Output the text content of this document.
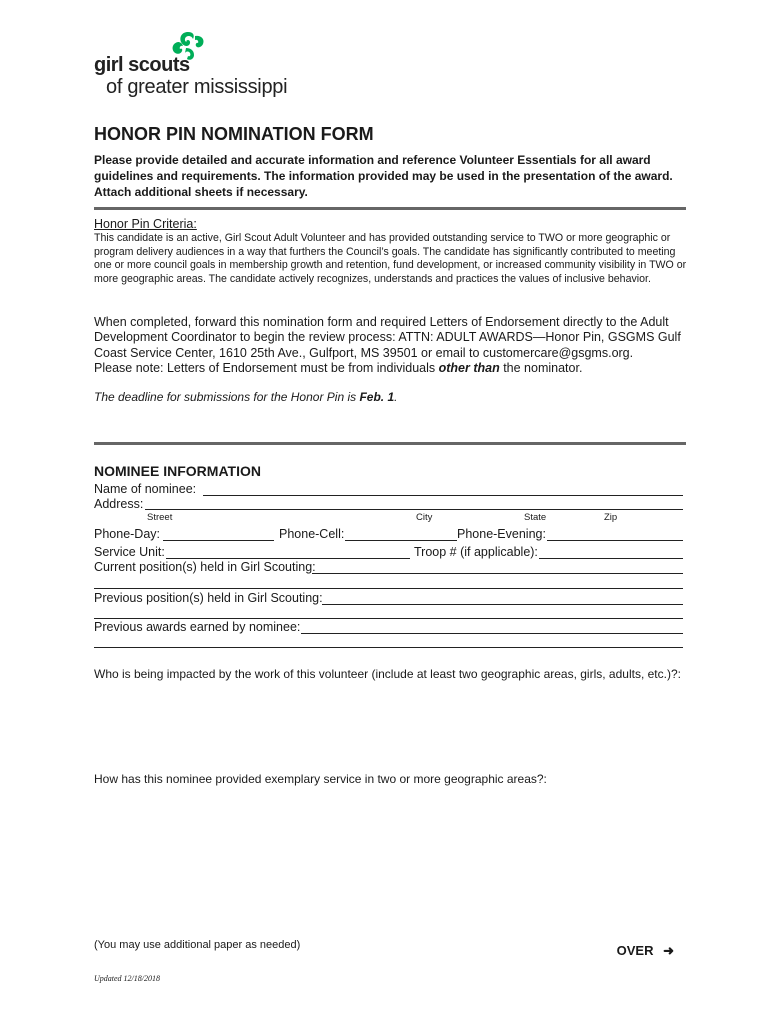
girl scouts
of greater mississippi
HONOR PIN NOMINATION FORM
Please provide detailed and accurate information and reference Volunteer Essentials for all award guidelines and requirements. The information provided may be used in the presentation of the award. Attach additional sheets if necessary.
Honor Pin Criteria:
This candidate is an active, Girl Scout Adult Volunteer and has provided outstanding service to TWO or more geographic or program delivery audiences in a way that furthers the Council’s goals. The candidate has significantly contributed to meeting one or more council goals in membership growth and retention, fund development, or increased community visibility in TWO or more geographic areas. The candidate actively recognizes, understands and practices the values of inclusive behavior.
When completed, forward this nomination form and required Letters of Endorsement directly to the Adult Development Coordinator to begin the review process: ATTN: ADULT AWARDS—Honor Pin, GSGMS Gulf Coast Service Center, 1610 25th Ave., Gulfport, MS 39501 or email to customercare@gsgms.org.
Please note: Letters of Endorsement must be from individuals other than the nominator.
The deadline for submissions for the Honor Pin is Feb. 1.
NOMINEE INFORMATION
Name of nominee:
Address:
Street	City	State	Zip
Phone-Day:	Phone-Cell:	Phone-Evening:
Service Unit:	Troop # (if applicable):
Current position(s) held in Girl Scouting:
Previous position(s) held in Girl Scouting:
Previous awards earned by nominee:
Who is being impacted by the work of this volunteer (include at least two geographic areas, girls, adults, etc.)?:
How has this nominee provided exemplary service in two or more geographic areas?:
(You may use additional paper as needed)	OVER ➜
Updated 12/18/2018
